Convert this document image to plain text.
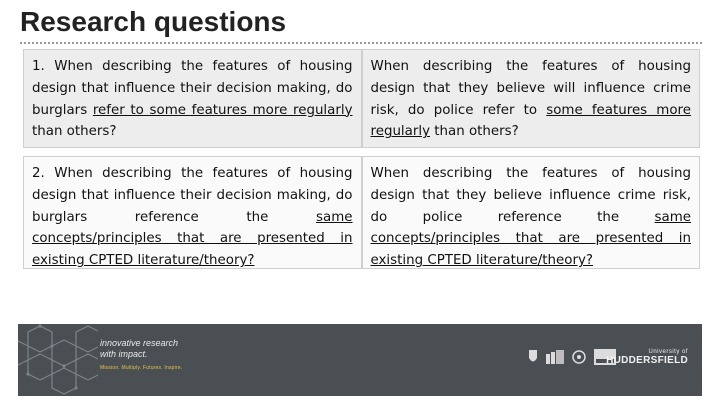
Research questions
1. When describing the features of housing design that influence their decision making, do burglars refer to some features more regularly than others?
When describing the features of housing design that they believe will influence crime risk, do police refer to some features more regularly than others?
2. When describing the features of housing design that influence their decision making, do burglars reference the same concepts/principles that are presented in existing CPTED literature/theory?
When describing the features of housing design that they believe influence crime risk, do police reference the same concepts/principles that are presented in existing CPTED literature/theory?
innovative research
with impact.
Mission. Multiply. Futures. Inspire.
University of
HUDDERSFIELD
